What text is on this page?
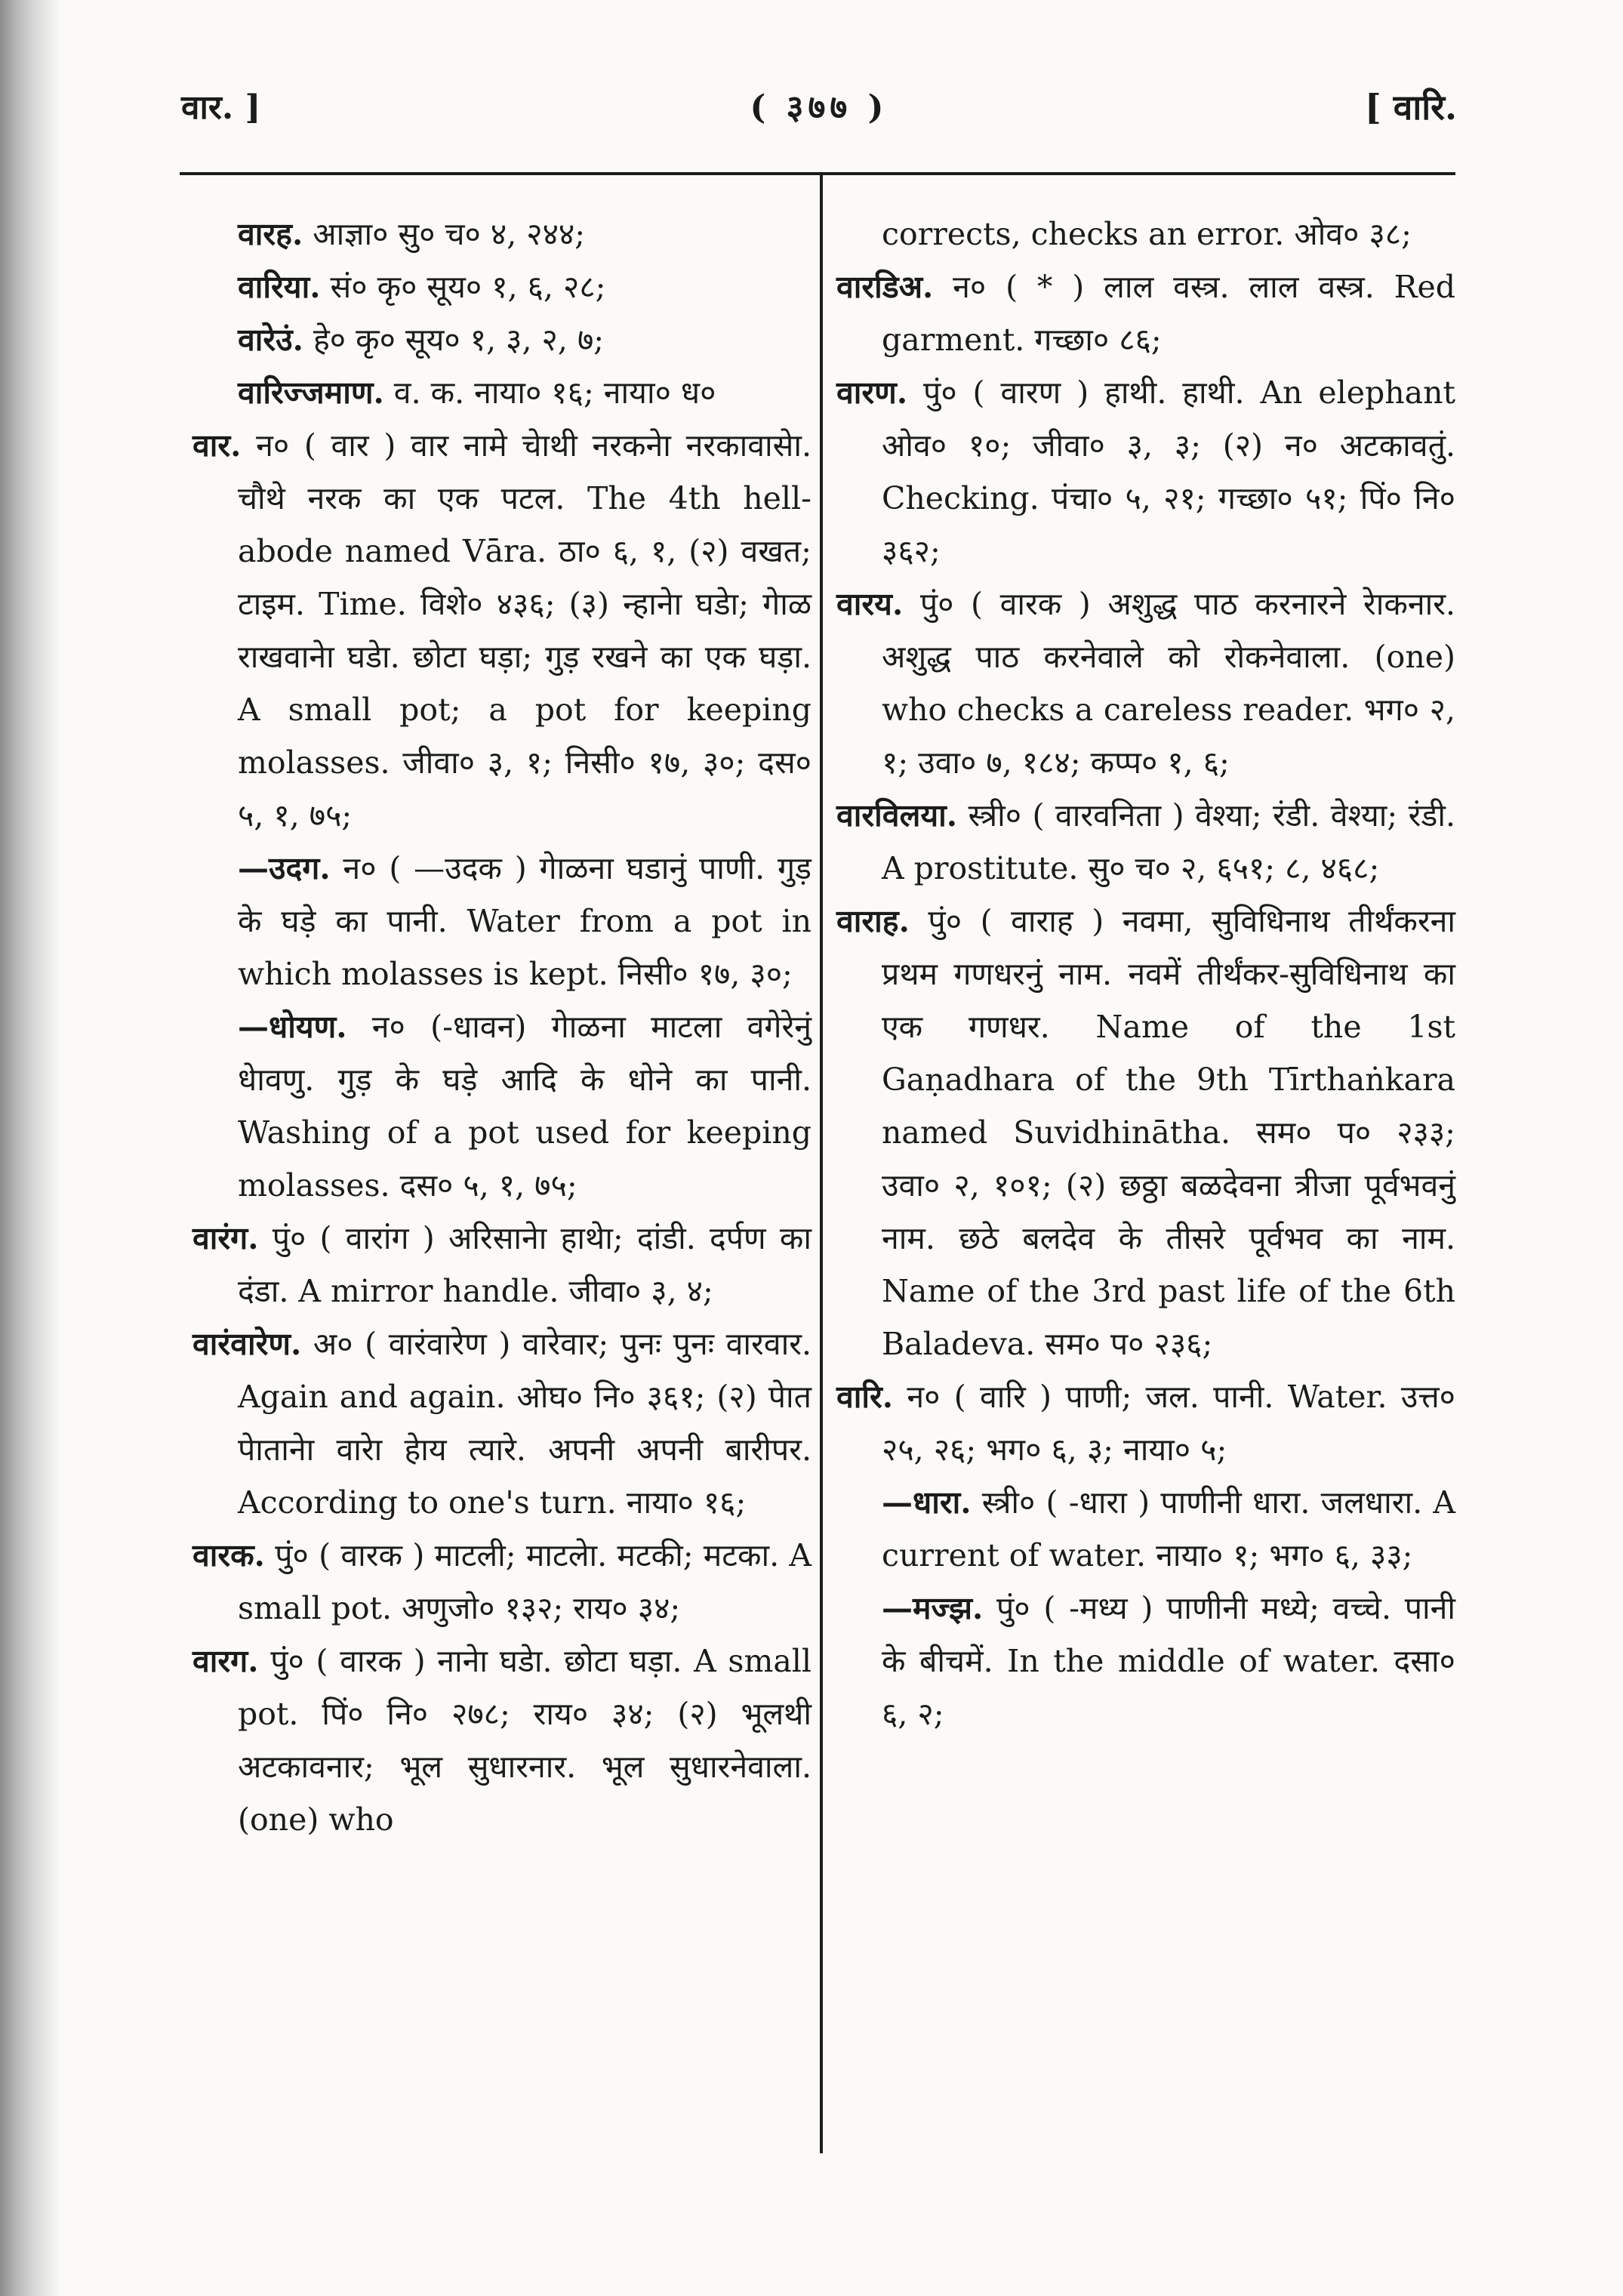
वार. ]	( ३७७ )	[ वारि.

वारह. आज्ञा० सु० च० ४, २४४;

वारिया. सं० कृ० सूय० १, ६, २८;

वारेउं. हे० कृ० सूय० १, ३, २, ७;

वारिज्जमाण. व. क. नाया० १६; नाया० ध०

वार. न० ( वार ) वार नामे चेाथी नरकनेा नरकावासेा. चौथे नरक का एक पटल. The 4th hell-abode named Vāra. ठा० ६, १, (२) वखत; टाइम. Time. विशे० ४३६; (३) न्हानेा घडेा; गेाळ राखवानेा घडेा. छोटा घड़ा; गुड़ रखने का एक घड़ा. A small pot; a pot for keeping molasses. जीवा० ३, १; निसी० १७, ३०; दस० ५, १, ७५;

—उदग. न० ( —उदक ) गेाळना घडानुं पाणी. गुड़ के घड़े का पानी. Water from a pot in which molasses is kept. निसी० १७, ३०;

—धोयण. न० (-धावन) गेाळना माटला वगेरेनुं धेावणु. गुड़ के घड़े आदि के धोने का पानी. Washing of a pot used for keeping molasses. दस० ५, १, ७५;

वारंग. पुं० ( वारांग ) अरिसानेा हाथेा; दांडी. दर्पण का दंडा. A mirror handle. जीवा० ३, ४;

वारंवारेण. अ० ( वारंवारेण ) वारेवार; पुनः पुनः वारवार. Again and again. ओघ० नि० ३६१; (२) पेात पेातानेा वारेा हेाय त्यारे. अपनी अपनी बारीपर. According to one's turn. नाया० १६;

वारक. पुं० ( वारक ) माटली; माटलेा. मटकी; मटका. A small pot. अणुजो० १३२; राय० ३४;

वारग. पुं० ( वारक ) नानेा घडेा. छोटा घड़ा. A small pot. पिं० नि० २७८; राय० ३४; (२) भूलथी अटकावनार; भूल सुधारनार. भूल सुधारनेवाला. (one) who

corrects, checks an error. ओव० ३८;

वारडिअ. न० ( * ) लाल वस्त्र. लाल वस्त्र. Red garment. गच्छा० ८६;

वारण. पुं० ( वारण ) हाथी. हाथी. An elephant ओव० १०; जीवा० ३, ३; (२) न० अटकावतुं. Checking. पंचा० ५, २१; गच्छा० ५१; पिं० नि० ३६२;

वारय. पुं० ( वारक ) अशुद्ध पाठ करनारने रेाकनार. अशुद्ध पाठ करनेवाले को रोकनेवाला. (one) who checks a careless reader. भग० २, १; उवा० ७, १८४; कप्प० १, ६;

वारविलया. स्त्री० ( वारवनिता ) वेश्या; रंडी. वेश्या; रंडी. A prostitute. सु० च० २, ६५१; ८, ४६८;

वाराह. पुं० ( वाराह ) नवमा, सुविधिनाथ तीर्थंकरना प्रथम गणधरनुं नाम. नवमें तीर्थंकर-सुविधिनाथ का एक गणधर. Name of the 1st Gaṇadhara of the 9th Tīrthaṅkara named Suvidhinātha. सम० प० २३३; उवा० २, १०१; (२) छठ्ठा बळदेवना त्रीजा पूर्वभवनुं नाम. छठे बलदेव के तीसरे पूर्वभव का नाम. Name of the 3rd past life of the 6th Baladeva. सम० प० २३६;

वारि. न० ( वारि ) पाणी; जल. पानी. Water. उत्त० २५, २६; भग० ६, ३; नाया० ५;

—धारा. स्त्री० ( -धारा ) पाणीनी धारा. जलधारा. A current of water. नाया० १; भग० ६, ३३;

—मज्झ. पुं० ( -मध्य ) पाणीनी मध्ये; वच्चे. पानी के बीचमें. In the middle of water. दसा० ६, २;
